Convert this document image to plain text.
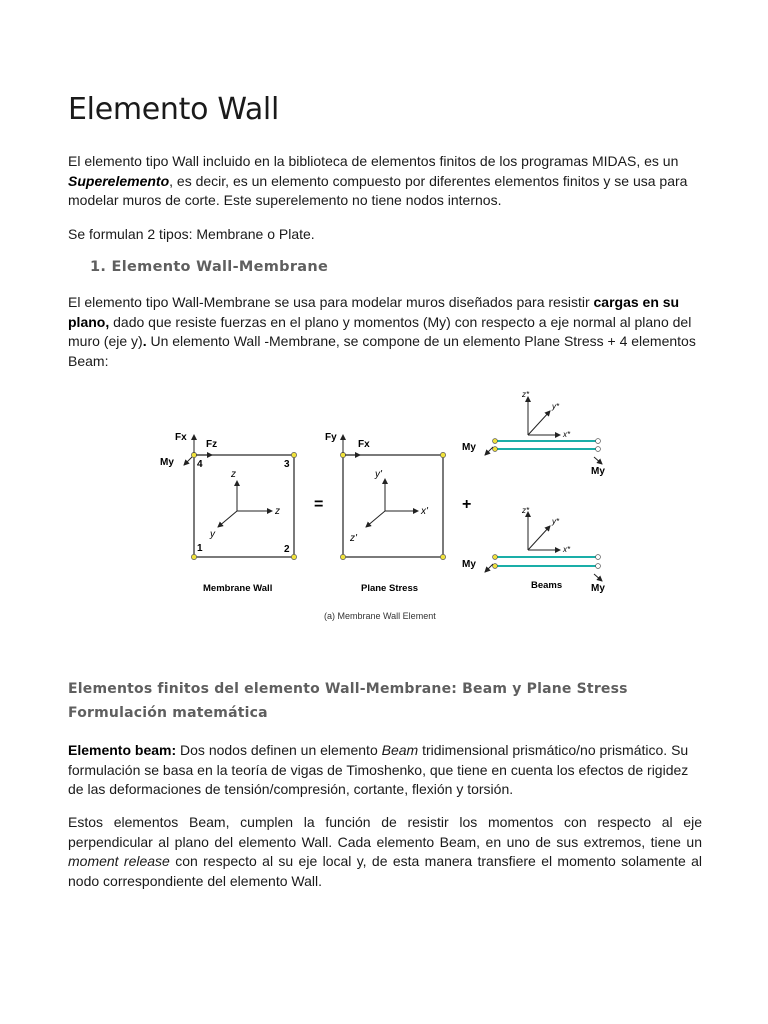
Elemento Wall

El elemento tipo Wall incluido en la biblioteca de elementos finitos de los programas MIDAS, es un Superelemento, es decir, es un elemento compuesto por diferentes elementos finitos y se usa para modelar muros de corte. Este superelemento no tiene nodos internos.

Se formulan 2 tipos: Membrane o Plate.

1. Elemento Wall-Membrane

El elemento tipo Wall-Membrane se usa para modelar muros diseñados para resistir cargas en su plano, dado que resiste fuerzas en el plano y momentos (My) con respecto a eje normal al plano del muro (eje y). Un elemento Wall -Membrane, se compone de un elemento Plane Stress + 4 elementos Beam:

Fx
Fz
My 4	3
1	2
z
z
y
Membrane Wall
=
Fy
Fx
y'
x'
z'
Plane Stress
+
z*
y*
x*
My
My
z*
y*
x*
My
My
Beams
(a) Membrane Wall Element
Elementos finitos del elemento Wall-Membrane: Beam y Plane Stress
Formulación matemática

Elemento beam: Dos nodos definen un elemento Beam tridimensional prismático/no prismático. Su formulación se basa en la teoría de vigas de Timoshenko, que tiene en cuenta los efectos de rigidez de las deformaciones de tensión/compresión, cortante, flexión y torsión.

Estos elementos Beam, cumplen la función de resistir los momentos con respecto al eje perpendicular al plano del elemento Wall. Cada elemento Beam, en uno de sus extremos, tiene un moment release con respecto al su eje local y, de esta manera transfiere el momento solamente al nodo correspondiente del elemento Wall.
